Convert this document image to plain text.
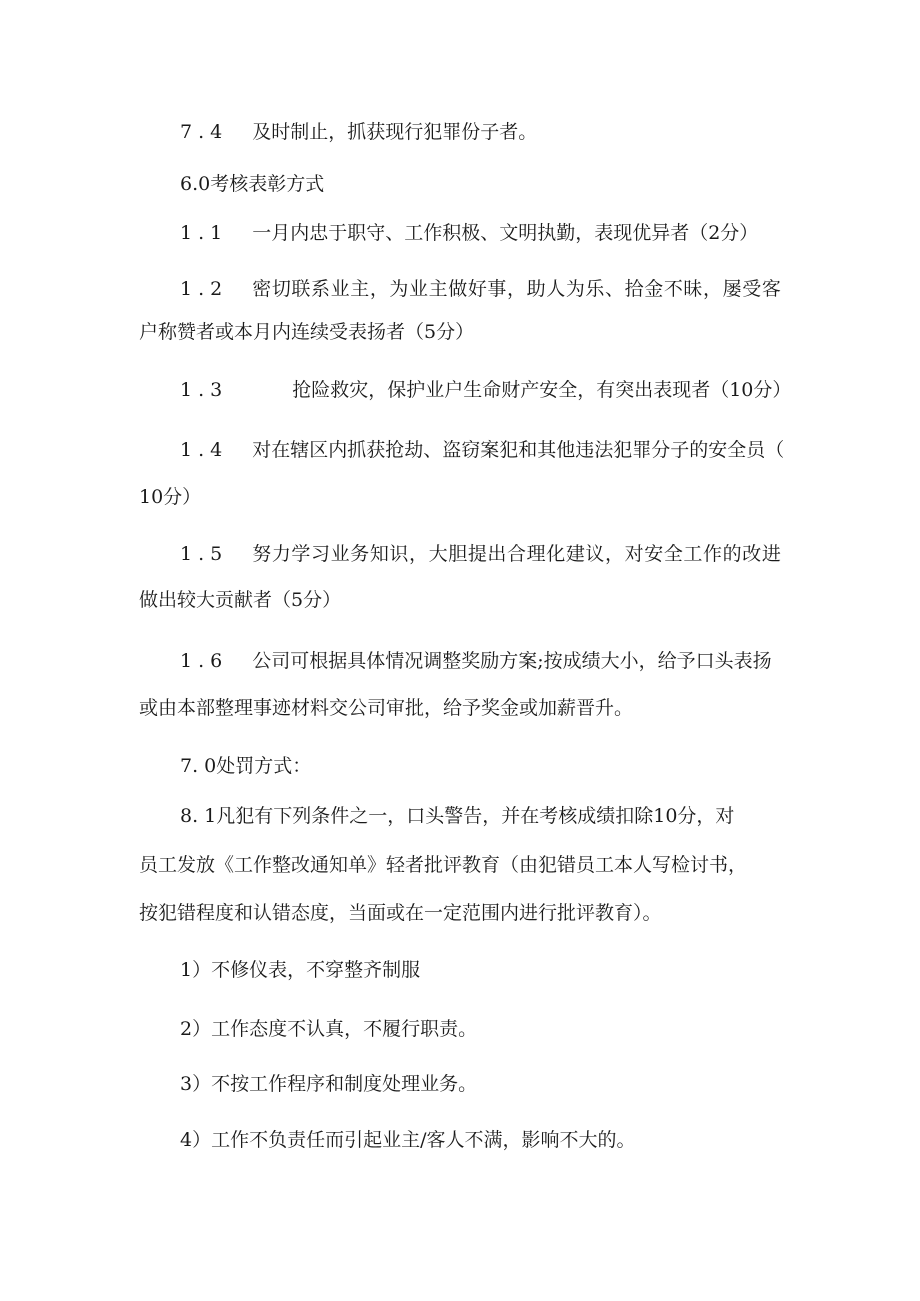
7.4 及时制止，抓获现行犯罪份子者。

6.0考核表彰方式

1.1 一月内忠于职守、工作积极、文明执勤，表现优异者（2分）

1.2 密切联系业主，为业主做好事，助人为乐、拾金不昧，屡受客

户称赞者或本月内连续受表扬者（5分）

1.3	抢险救灾，保护业户生命财产安全，有突出表现者（10分）

1.4 对在辖区内抓获抢劫、盗窃案犯和其他违法犯罪分子的安全员（

10分）

1.5 努力学习业务知识，大胆提出合理化建议，对安全工作的改进

做出较大贡献者（5分）

1.6 公司可根据具体情况调整奖励方案;按成绩大小，给予口头表扬

或由本部整理事迹材料交公司审批，给予奖金或加薪晋升。

7. 0处罚方式：

8. 1凡犯有下列条件之一，口头警告，并在考核成绩扣除10分，对

员工发放《工作整改通知单》轻者批评教育（由犯错员工本人写检讨书，

按犯错程度和认错态度，当面或在一定范围内进行批评教育）。

1）不修仪表，不穿整齐制服

2）工作态度不认真，不履行职责。

3）不按工作程序和制度处理业务。

4）工作不负责任而引起业主/客人不满，影响不大的。
